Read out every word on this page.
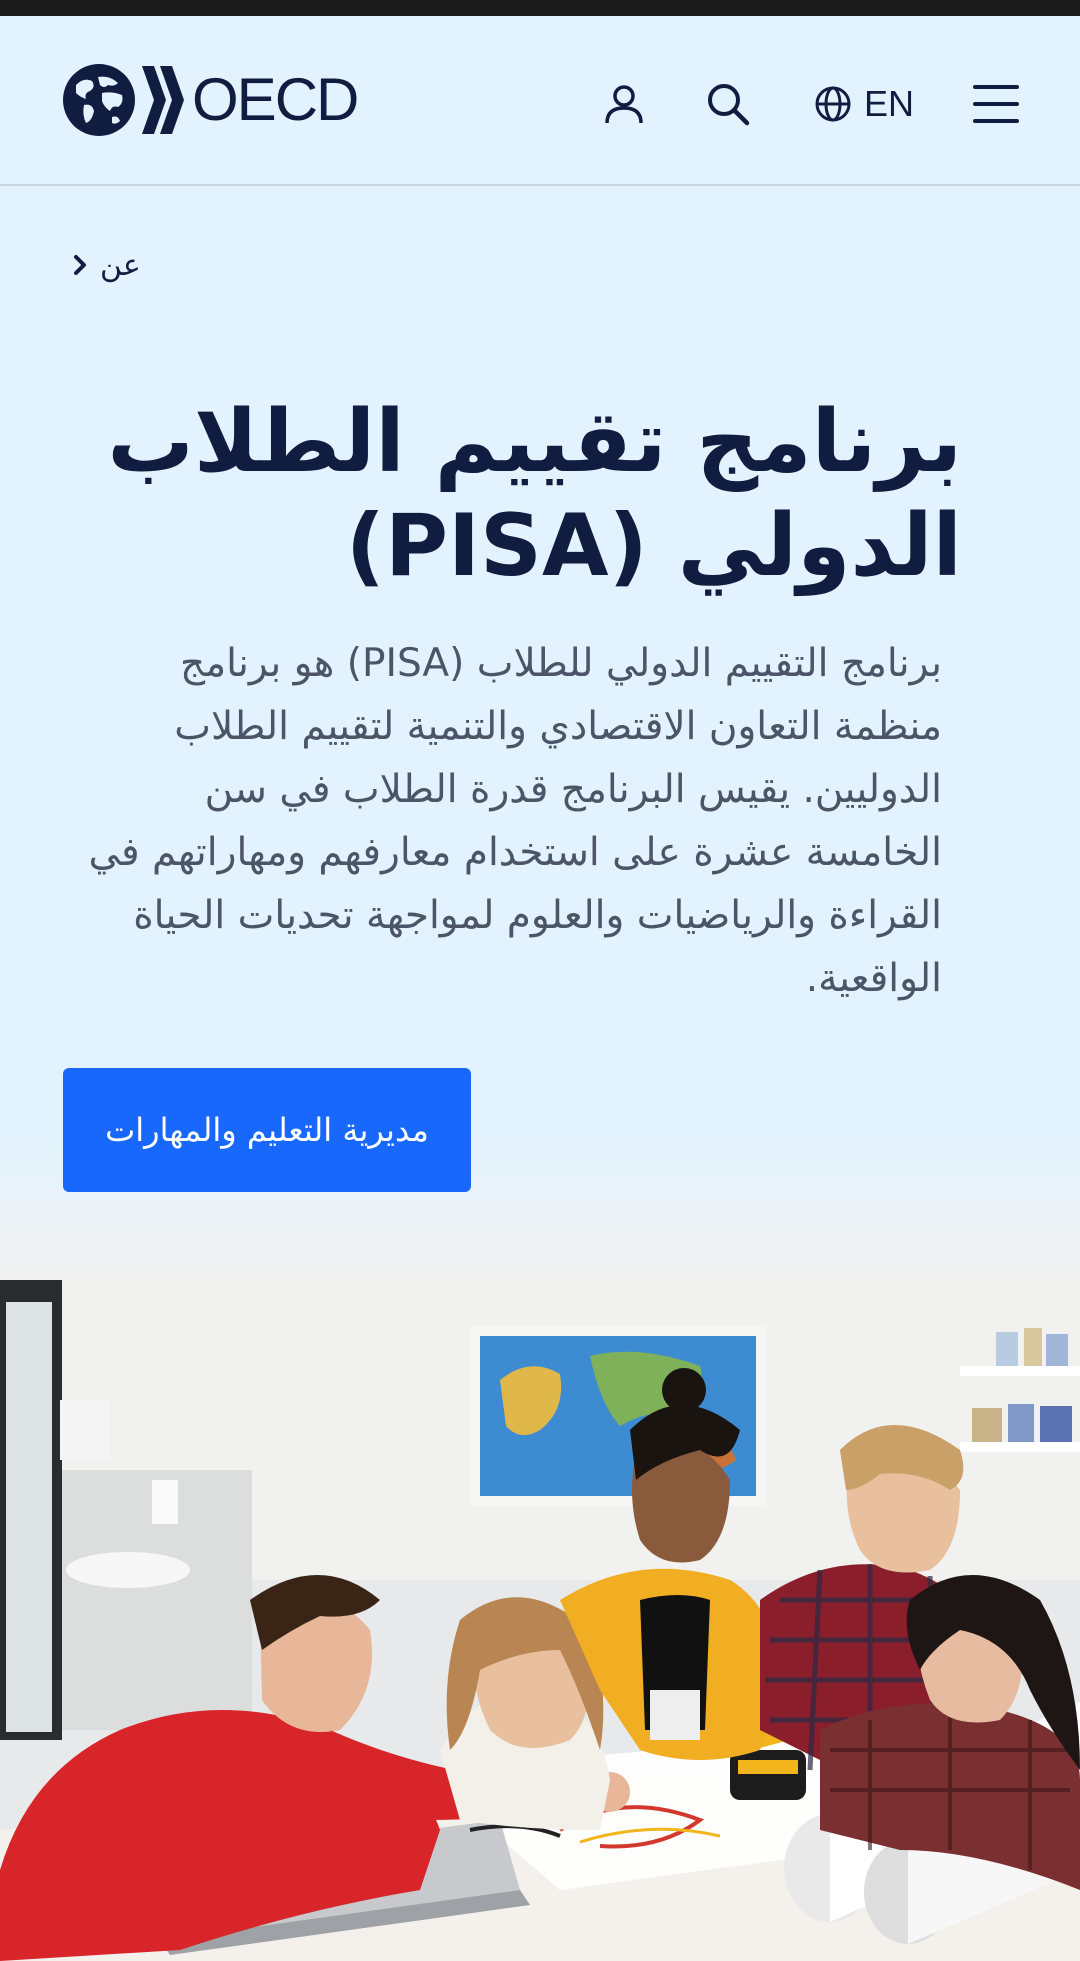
OECD	EN
عن
برنامج تقييم الطلاب الدولي (PISA)

برنامج التقييم الدولي للطلاب (PISA) هو برنامج منظمة التعاون الاقتصادي والتنمية لتقييم الطلاب الدوليين. يقيس البرنامج قدرة الطلاب في سن الخامسة عشرة على استخدام معارفهم ومهاراتهم في القراءة والرياضيات والعلوم لمواجهة تحديات الحياة الواقعية.

مديرية التعليم والمهارات
